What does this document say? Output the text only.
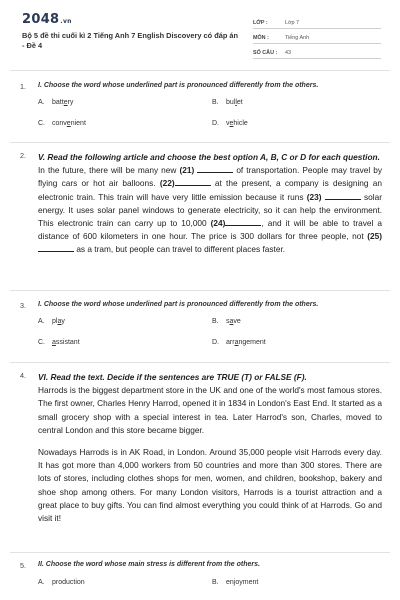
2048.vn
Bộ 5 đề thi cuối kì 2 Tiếng Anh 7 English Discovery có đáp án - Đề 4
LỚP :	Lớp 7
MÔN :	Tiếng Anh
SỐ CÂU :	43
1. I. Choose the word whose underlined part is pronounced differently from the others.
A. battery	B. bullet
C. convenient	D. vehicle
2. V. Read the following article and choose the best option A, B, C or D for each question.
In the future, there will be many new (21)	of transportation. People may travel by flying cars or hot air balloons. (22)	at the present, a company is designing an electronic train. This train will have very little emission because it runs (23)	solar energy. It uses solar panel windows to generate electricity, so it can help the environment. This electronic train can carry up to 10,000 (24)	, and it will be able to travel a distance of 600 kilometers in one hour. The price is 300 dollars for three people, not (25)  as a tram, but people can travel to different places faster.
3. I. Choose the word whose underlined part is pronounced differently from the others.
A. play	B. save
C. assistant	D. arrangement
4. VI. Read the text. Decide if the sentences are TRUE (T) or FALSE (F).
Harrods is the biggest department store in the UK and one of the world's most famous stores. The first owner, Charles Henry Harrod, opened it in 1834 in London's East End. It started as a small grocery shop with a special interest in tea. Later Harrod's son, Charles, moved to central London and this store became bigger.
Nowadays Harrods is in AK Road, in London. Around 35,000 people visit Harrods every day. It has got more than 4,000 workers from 50 countries and more than 300 stores. There are lots of stores, including clothes shops for men, women, and children, bookshop, bakery and shoe shop among others. For many London visitors, Harrods is a tourist attraction and a great place to buy gifts. You can find almost everything you could think of at Harrods. Go and visit it!
5. II. Choose the word whose main stress is different from the others.
A. production	B. enjoyment
